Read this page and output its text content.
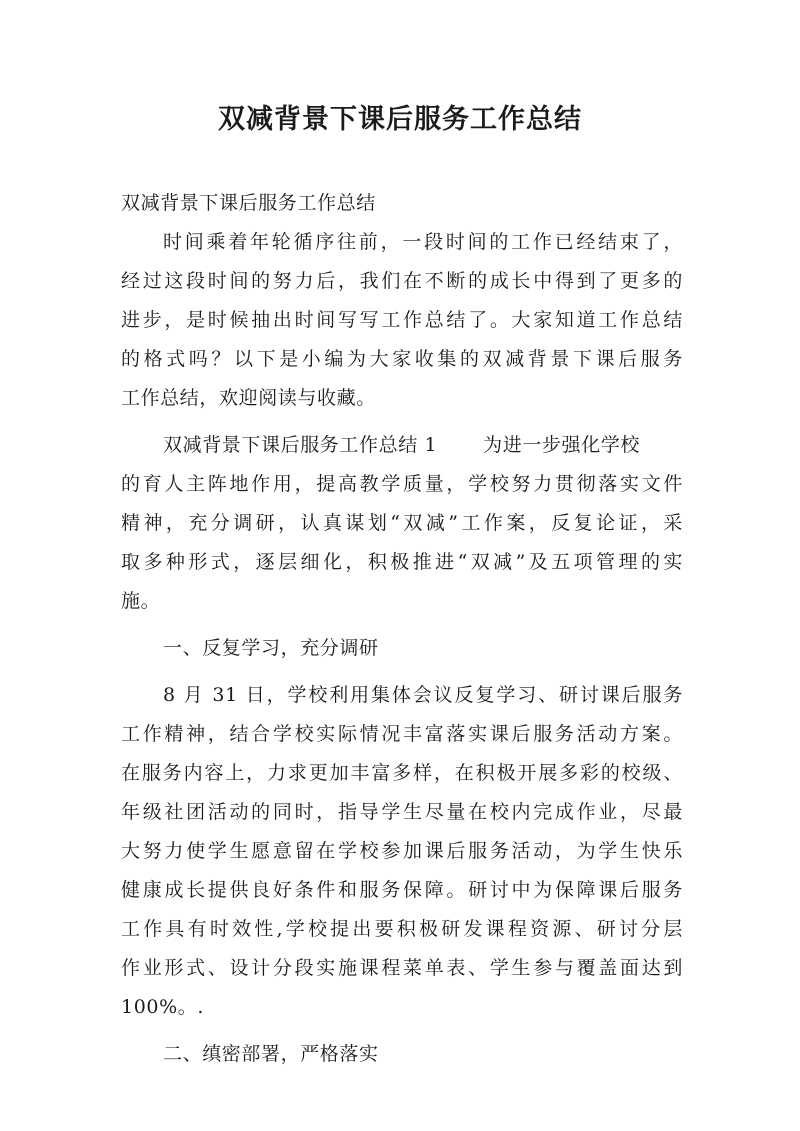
双减背景下课后服务工作总结
双减背景下课后服务工作总结
时间乘着年轮循序往前，一段时间的工作已经结束了，
经过这段时间的努力后，我们在不断的成长中得到了更多的
进步，是时候抽出时间写写工作总结了。大家知道工作总结
的格式吗？以下是小编为大家收集的双减背景下课后服务
工作总结，欢迎阅读与收藏。
双减背景下课后服务工作总结 1 为进一步强化学校
的育人主阵地作用，提高教学质量，学校努力贯彻落实文件
精神，充分调研，认真谋划“双减”工作案，反复论证，采
取多种形式，逐层细化，积极推进“双减”及五项管理的实
施。
一、反复学习，充分调研
8 月 31 日，学校利用集体会议反复学习、研讨课后服务
工作精神，结合学校实际情况丰富落实课后服务活动方案。
在服务内容上，力求更加丰富多样，在积极开展多彩的校级、
年级社团活动的同时，指导学生尽量在校内完成作业，尽最
大努力使学生愿意留在学校参加课后服务活动，为学生快乐
健康成长提供良好条件和服务保障。研讨中为保障课后服务
工作具有时效性,学校提出要积极研发课程资源、研讨分层
作业形式、设计分段实施课程菜单表、学生参与覆盖面达到
100%。.
二、缜密部署，严格落实
